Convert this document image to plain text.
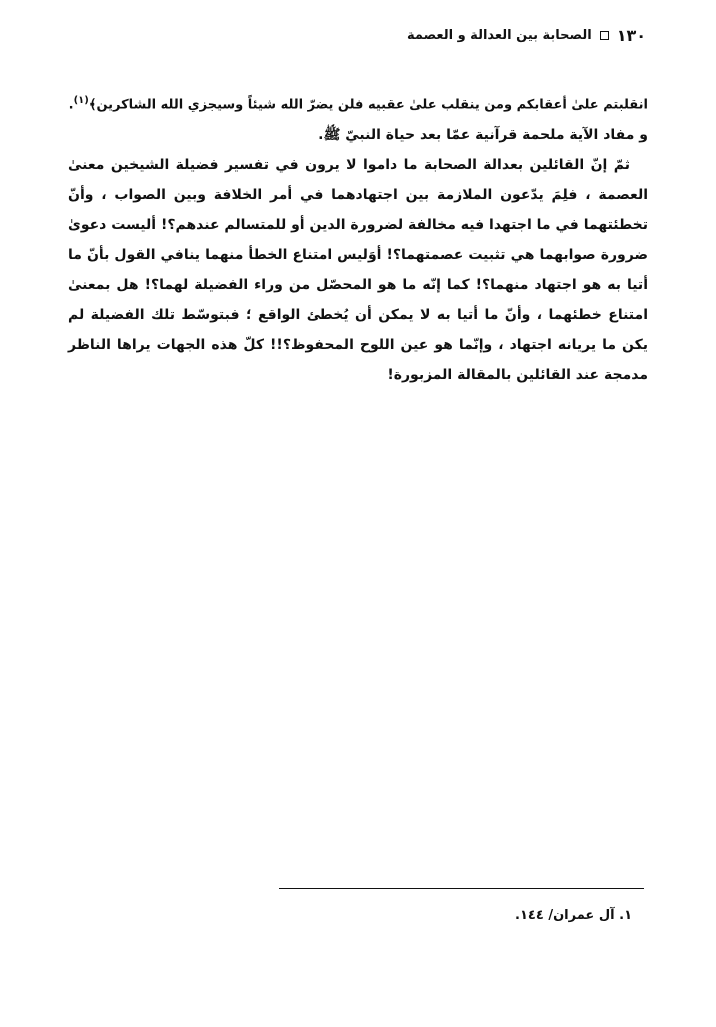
١٣٠
الصحابة بين العدالة و العصمة

انقلبتم علىٰ أعقابكم ومن ينقلب علىٰ عقبيه فلن يضرّ الله شيئاً وسيجزي الله الشاكرين﴾$^{(١)}$.

و مفاد الآية ملحمة قرآنية عمّا بعد حياة النبيّ ﷺ.

ثمّ إنّ القائلين بعدالة الصحابة ما داموا لا يرون في تفسير فضيلة الشيخين معنىٰ العصمة ، فلِمَ يدّعون الملازمة بين اجتهادهما في أمر الخلافة وبين الصواب ، وأنّ تخطئتهما في ما اجتهدا فيه مخالفة لضرورة الدين أو للمتسالم عندهم؟! أليست دعوىٰ ضرورة صوابهما هي تثبيت عصمتهما؟! أوَليس امتناع الخطأ منهما ينافي القول بأنّ ما أتيا به هو اجتهاد منهما؟! كما إنّه ما هو المحصّل من وراء الفضيلة لهما؟! هل بمعنىٰ امتناع خطئهما ، وأنّ ما أتيا به لا يمكن أن يُخطئ الواقع ؛ فبتوسّط تلك الفضيلة لم يكن ما يريانه اجتهاد ، وإنّما هو عين اللوح المحفوظ؟!! كلّ هذه الجهات يراها الناظر مدمجة عند القائلين بالمقالة المزبورة!

١. آل عمران/ ١٤٤.
